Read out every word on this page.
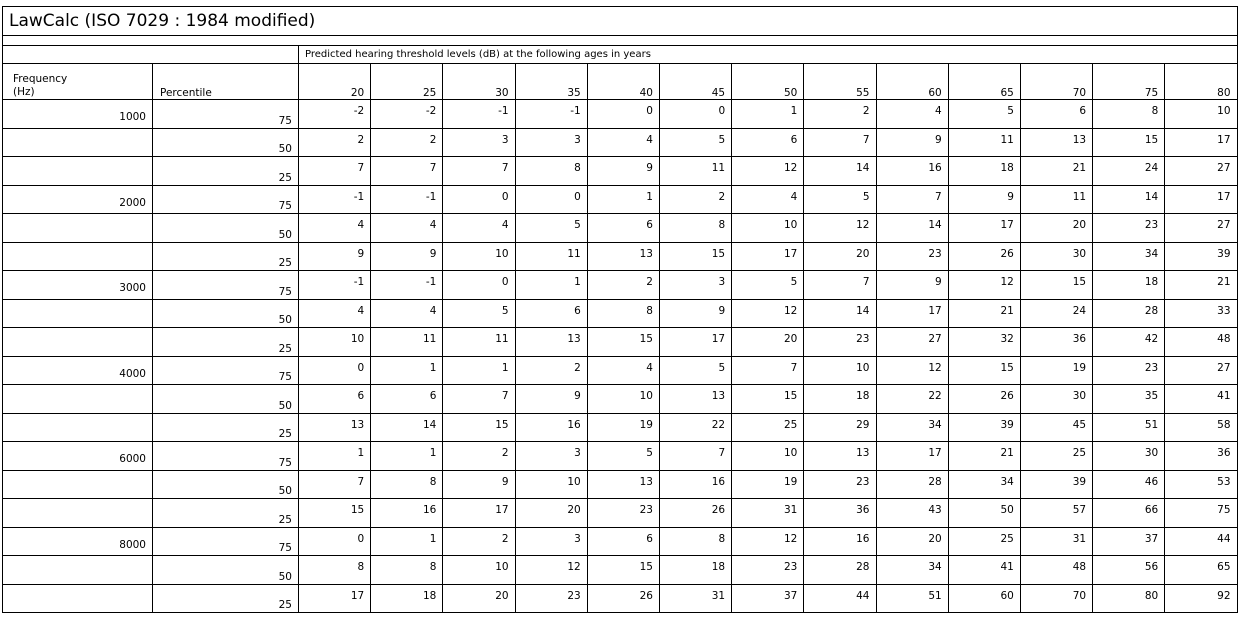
LawCalc (ISO 7029 : 1984 modified)														

		Predicted hearing threshold levels (dB) at the following ages in years												
Frequency
(Hz)	Percentile	20	25	30	35	40	45	50	55	60	65	70	75	80
1000	75	-2	-2	-1	-1	0	0	1	2	4	5	6	8	10
	50	2	2	3	3	4	5	6	7	9	11	13	15	17
	25	7	7	7	8	9	11	12	14	16	18	21	24	27
2000	75	-1	-1	0	0	1	2	4	5	7	9	11	14	17
	50	4	4	4	5	6	8	10	12	14	17	20	23	27
	25	9	9	10	11	13	15	17	20	23	26	30	34	39
3000	75	-1	-1	0	1	2	3	5	7	9	12	15	18	21
	50	4	4	5	6	8	9	12	14	17	21	24	28	33
	25	10	11	11	13	15	17	20	23	27	32	36	42	48
4000	75	0	1	1	2	4	5	7	10	12	15	19	23	27
	50	6	6	7	9	10	13	15	18	22	26	30	35	41
	25	13	14	15	16	19	22	25	29	34	39	45	51	58
6000	75	1	1	2	3	5	7	10	13	17	21	25	30	36
	50	7	8	9	10	13	16	19	23	28	34	39	46	53
	25	15	16	17	20	23	26	31	36	43	50	57	66	75
8000	75	0	1	2	3	6	8	12	16	20	25	31	37	44
	50	8	8	10	12	15	18	23	28	34	41	48	56	65
	25	17	18	20	23	26	31	37	44	51	60	70	80	92
